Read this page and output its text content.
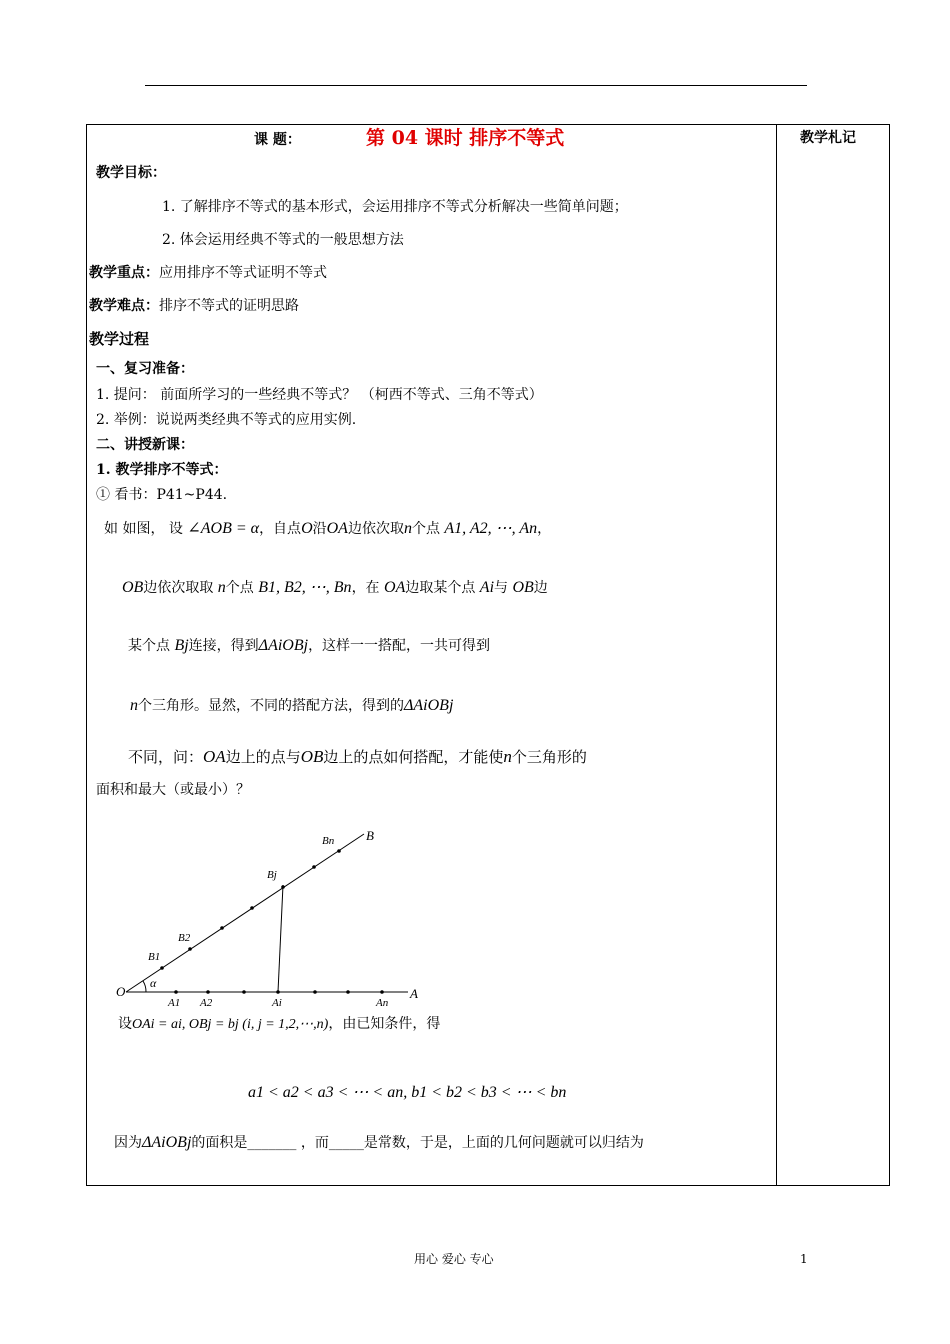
课 题：	第 04 课时 排序不等式	教学札记
教学目标：
1. 了解排序不等式的基本形式，会运用排序不等式分析解决一些简单问题；
2. 体会运用经典不等式的一般思想方法
教学重点：应用排序不等式证明不等式
教学难点：排序不等式的证明思路
教学过程
一、复习准备：
1. 提问： 前面所学习的一些经典不等式？ （柯西不等式、三角不等式）
2. 举例：说说两类经典不等式的应用实例.
二、讲授新课：
1. 教学排序不等式：
① 看书：P41~P44.
如 如图， 设 ∠AOB = α，自点O沿OA边依次取n个点 A1, A2, ⋯, An，
OB边依次取取 n个点 B1, B2, ⋯, Bn，在 OA边取某个点 Ai与 OB边
某个点 Bj连接，得到ΔAiOBj，这样一一搭配，一共可得到
n个三角形。显然，不同的搭配方法，得到的ΔAiOBj
不同，问：OA边上的点与OB边上的点如何搭配，才能使n个三角形的
面积和最大（或最小）？
O
α
A
B
A1 A2	Ai	An
B1
B2
Bj
Bn
设OAi = ai, OBj = bj (i, j = 1,2,⋯,n)，由已知条件，得
a1 < a2 < a3 < ⋯ < an, b1 < b2 < b3 < ⋯ < bn
因为ΔAiOBj的面积是_______ ，而_____是常数，于是，上面的几何问题就可以归结为
用心 爱心 专心	1
